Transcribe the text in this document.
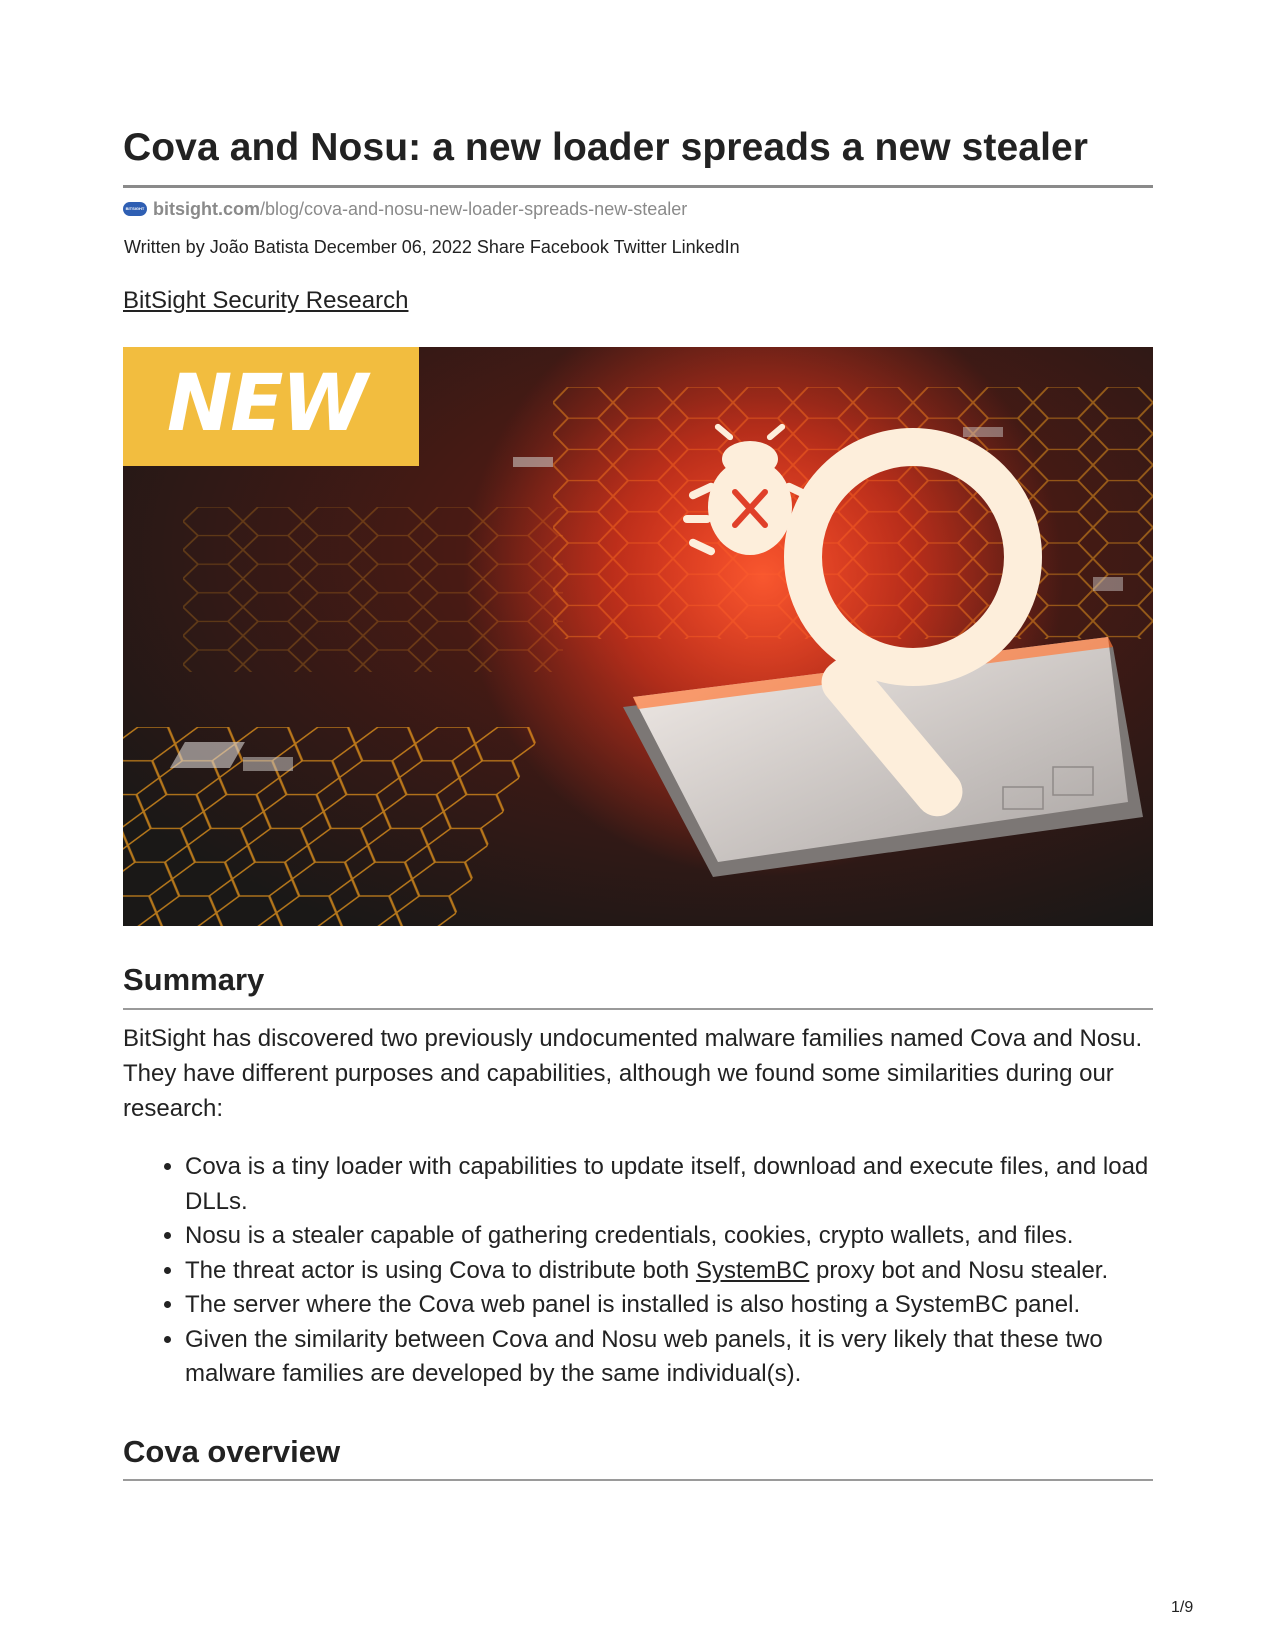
Cova and Nosu: a new loader spreads a new stealer
BITSIGHT bitsight.com /blog/cova-and-nosu-new-loader-spreads-new-stealer
Written by João Batista December 06, 2022 Share Facebook Twitter LinkedIn
BitSight Security Research
NEW
Summary

BitSight has discovered two previously undocumented malware families named Cova and Nosu. They have different purposes and capabilities, although we found some similarities during our research:

• Cova is a tiny loader with capabilities to update itself, download and execute files, and load DLLs.
• Nosu is a stealer capable of gathering credentials, cookies, crypto wallets, and files.
• The threat actor is using Cova to distribute both SystemBC proxy bot and Nosu stealer.
• The server where the Cova web panel is installed is also hosting a SystemBC panel.
• Given the similarity between Cova and Nosu web panels, it is very likely that these two malware families are developed by the same individual(s).
Cova overview
1/9
